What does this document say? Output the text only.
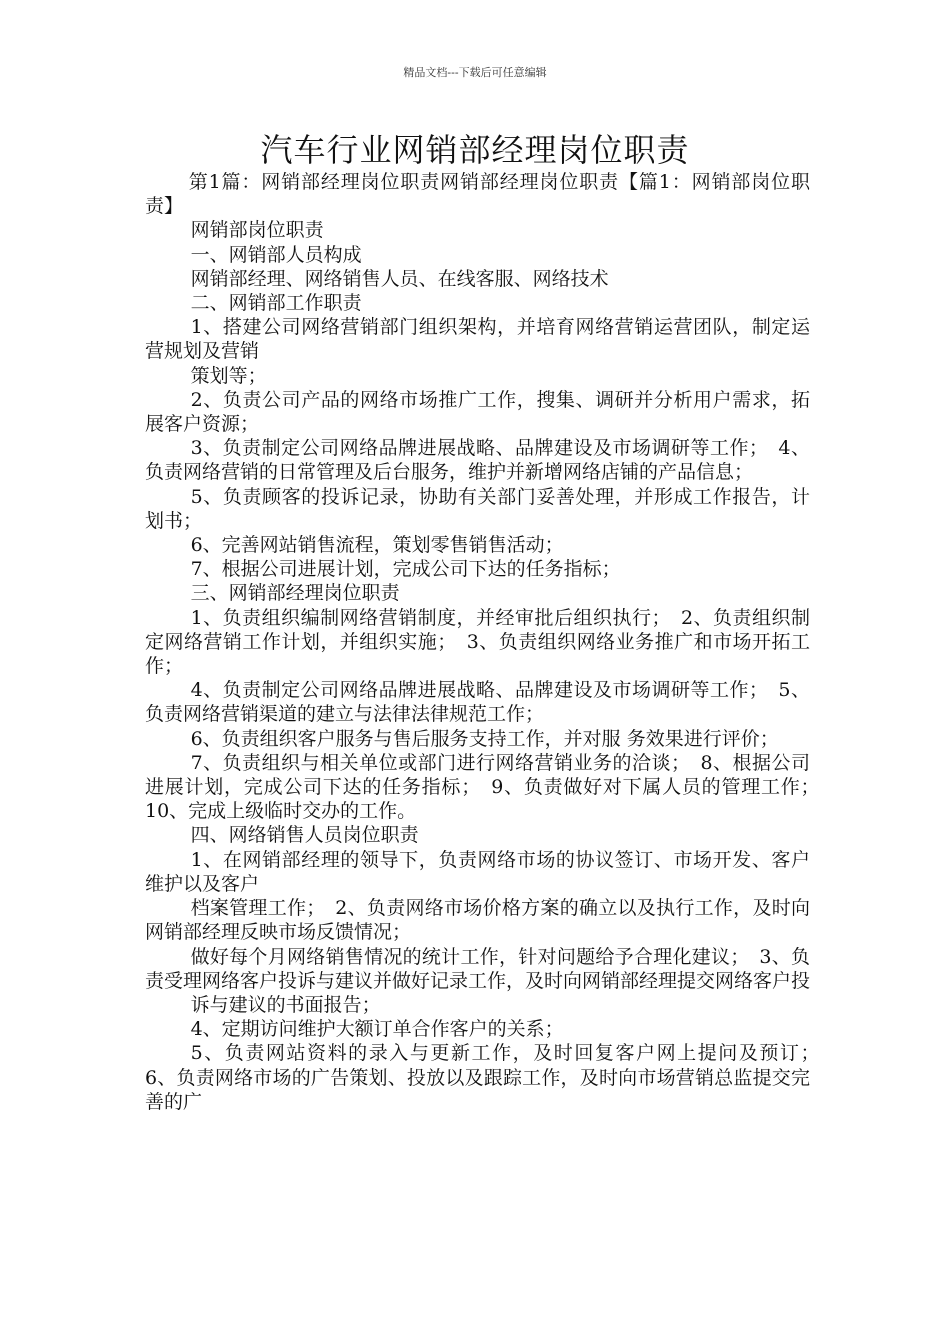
精品文档---下载后可任意编辑
汽车行业网销部经理岗位职责

第1篇：网销部经理岗位职责网销部经理岗位职责【篇1：网销部岗位职责】

网销部岗位职责

一、网销部人员构成

网销部经理、网络销售人员、在线客服、网络技术

二、网销部工作职责

1、搭建公司网络营销部门组织架构，并培育网络营销运营团队，制定运营规划及营销

策划等；

2、负责公司产品的网络市场推广工作，搜集、调研并分析用户需求，拓展客户资源；

3、负责制定公司网络品牌进展战略、品牌建设及市场调研等工作；　4、负责网络营销的日常管理及后台服务，维护并新增网络店铺的产品信息；

5、负责顾客的投诉记录，协助有关部门妥善处理，并形成工作报告，计划书；

6、完善网站销售流程，策划零售销售活动；

7、根据公司进展计划，完成公司下达的任务指标；

三、网销部经理岗位职责

1、负责组织编制网络营销制度，并经审批后组织执行；　2、负责组织制定网络营销工作计划，并组织实施；　3、负责组织网络业务推广和市场开拓工作；

4、负责制定公司网络品牌进展战略、品牌建设及市场调研等工作；　5、负责网络营销渠道的建立与法律法律规范工作；

6、负责组织客户服务与售后服务支持工作，并对服 务效果进行评价；

7、负责组织与相关单位或部门进行网络营销业务的洽谈；　8、根据公司进展计划，完成公司下达的任务指标；　9、负责做好对下属人员的管理工作；　10、完成上级临时交办的工作。

四、网络销售人员岗位职责

1、在网销部经理的领导下，负责网络市场的协议签订、市场开发、客户维护以及客户

档案管理工作；　2、负责网络市场价格方案的确立以及执行工作，及时向网销部经理反映市场反馈情况；

做好每个月网络销售情况的统计工作，针对问题给予合理化建议；　3、负责受理网络客户投诉与建议并做好记录工作，及时向网销部经理提交网络客户投

诉与建议的书面报告；

4、定期访问维护大额订单合作客户的关系；

5、负责网站资料的录入与更新工作，及时回复客户网上提问及预订；　6、负责网络市场的广告策划、投放以及跟踪工作，及时向市场营销总监提交完善的广
